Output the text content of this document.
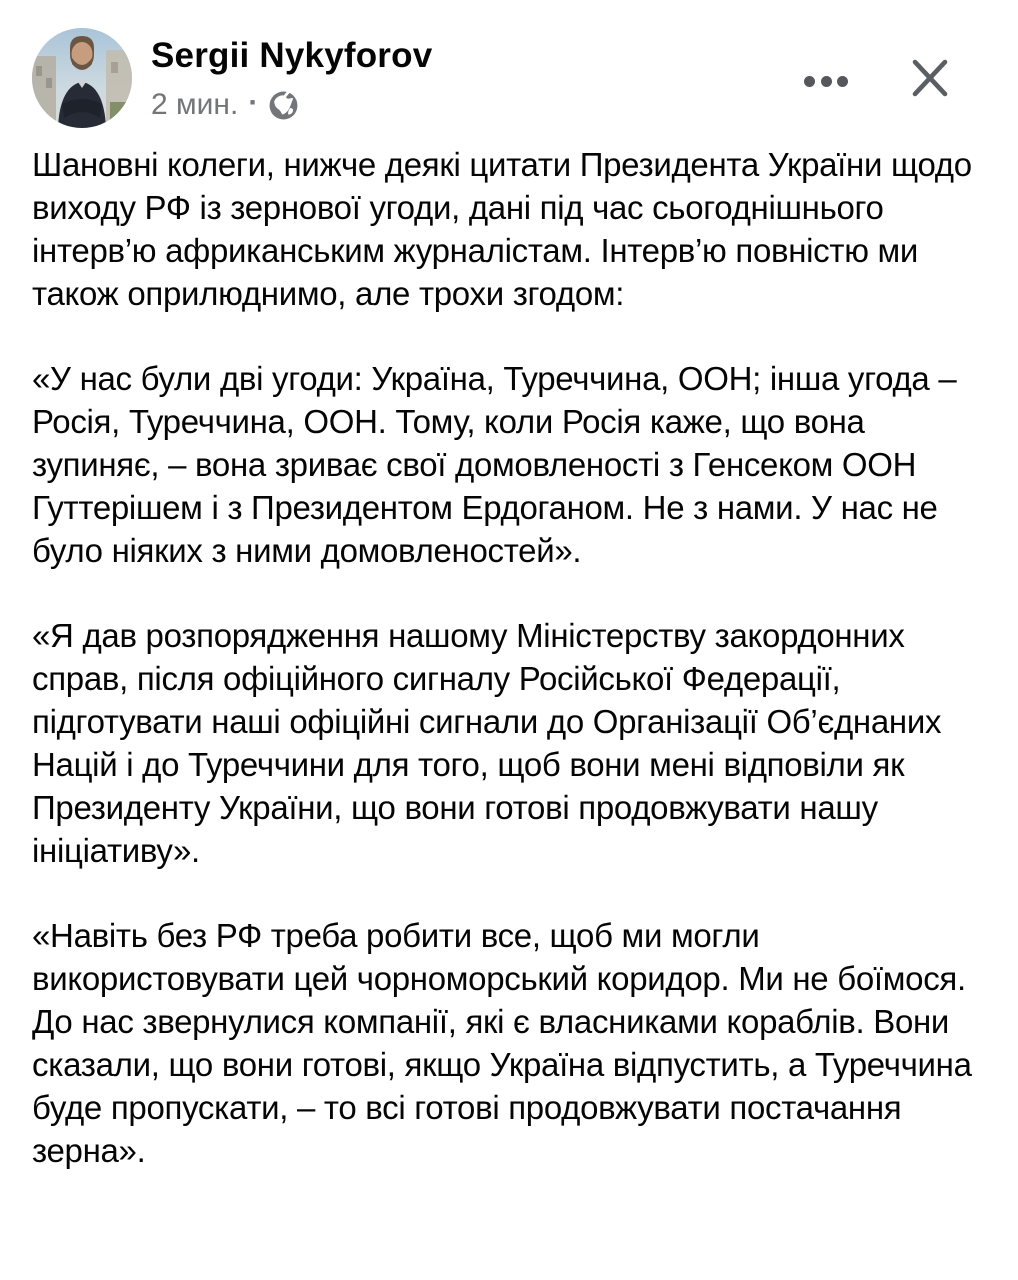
Sergii Nykyforov
2 мин. ·

Шановні колеги, нижче деякі цитати Президента України щодо виходу РФ із зернової угоди, дані під час сьогоднішнього інтерв’ю африканським журналістам. Інтерв’ю повністю ми також оприлюднимо, але трохи згодом:

«У нас були дві угоди: Україна, Туреччина, ООН; інша угода – Росія, Туреччина, ООН. Тому, коли Росія каже, що вона зупиняє, – вона зриває свої домовленості з Генсеком ООН Гуттерішем і з Президентом Ердоганом. Не з нами. У нас не було ніяких з ними домовленостей».

«Я дав розпорядження нашому Міністерству закордонних справ, після офіційного сигналу Російської Федерації, підготувати наші офіційні сигнали до Організації Об’єднаних Націй і до Туреччини для того, щоб вони мені відповіли як Президенту України, що вони готові продовжувати нашу ініціативу».

«Навіть без РФ треба робити все, щоб ми могли використовувати цей чорноморський коридор. Ми не боїмося. До нас звернулися компанії, які є власниками кораблів. Вони сказали, що вони готові, якщо Україна відпустить, а Туреччина буде пропускати, – то всі готові продовжувати постачання зерна».
